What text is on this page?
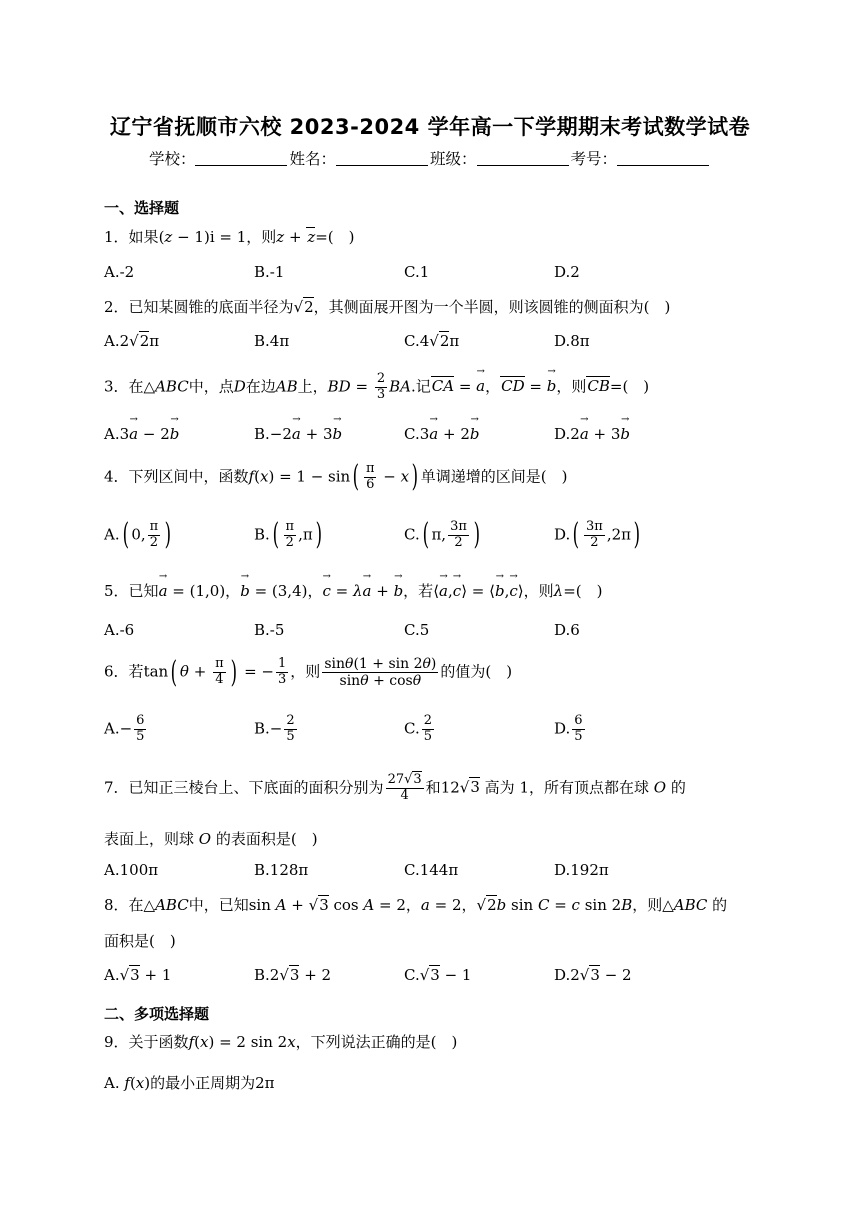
辽宁省抚顺市六校 2023-2024 学年高一下学期期末考试数学试卷
学校：	姓名：	班级：	考号：
一、选择题
1．如果(z − 1)i = 1，则z + z=(　)
A.-2	B.-1	C.1	D.2
2．已知某圆锥的底面半径为√2，其侧面展开图为一个半圆，则该圆锥的侧面积为(　)
A.2√2π	B.4π	C.4√2π	D.8π
3．在△ABC中，点D在边AB上，BD = $\frac{2}{3}$ BA.记CA = → a，CD = → b，则CB=(　)
A.3→ a − 2→ b	B.−2→ a + 3→ b	C.3→ a + 2→ b	D.2→ a + 3→ b
4．下列区间中，函数$f(x) = 1 - \sin( \frac{\pi}{6} - x)$ 单调递增的区间是(　)
A.( 0, $\frac{\pi}{2}$ )	$B.( \frac{\pi}{2} ,\pi)$	C.( π, $\frac{3\pi}{2}$ )	$D.( \frac{3\pi}{2} ,2\pi)$
5．已知→ a = (1,0)，→ b = (3,4)，→ c = λ→ a + → b，若⟨→ a,→ c⟩ = ⟨→ b,→ c⟩，则λ=(　)
A.-6	B.-5	C.5	D.6
6．若tan( $\theta + \frac{\pi}{4}$ ) = − $\frac{1}{3}$ ，则 $\frac{\sin\theta(1 + \sin 2\theta)}{\sin\theta + \cos\theta}$ 的值为(　)
$A.- \frac{6}{5}$	$B.- \frac{2}{5}$	C. $\frac{2}{5}$	D. $\frac{6}{5}$
7．已知正三棱台上、下底面的面积分别为 $\frac{27√3}{4}$ 和12√3 高为 1，所有顶点都在球 O 的
表面上，则球 O 的表面积是(　)
A.100π	B.128π	C.144π	D.192π
8．在△ABC中，已知sin A + √3 cos A = 2，a = 2，√2b sin C = c sin 2B，则△ABC 的
面积是(　)
A.√3 + 1	B.2√3 + 2	C.√3 − 1	D.2√3 − 2
二、多项选择题
9．关于函数f(x) = 2 sin 2x，下列说法正确的是(　)
A. f(x)的最小正周期为2π
